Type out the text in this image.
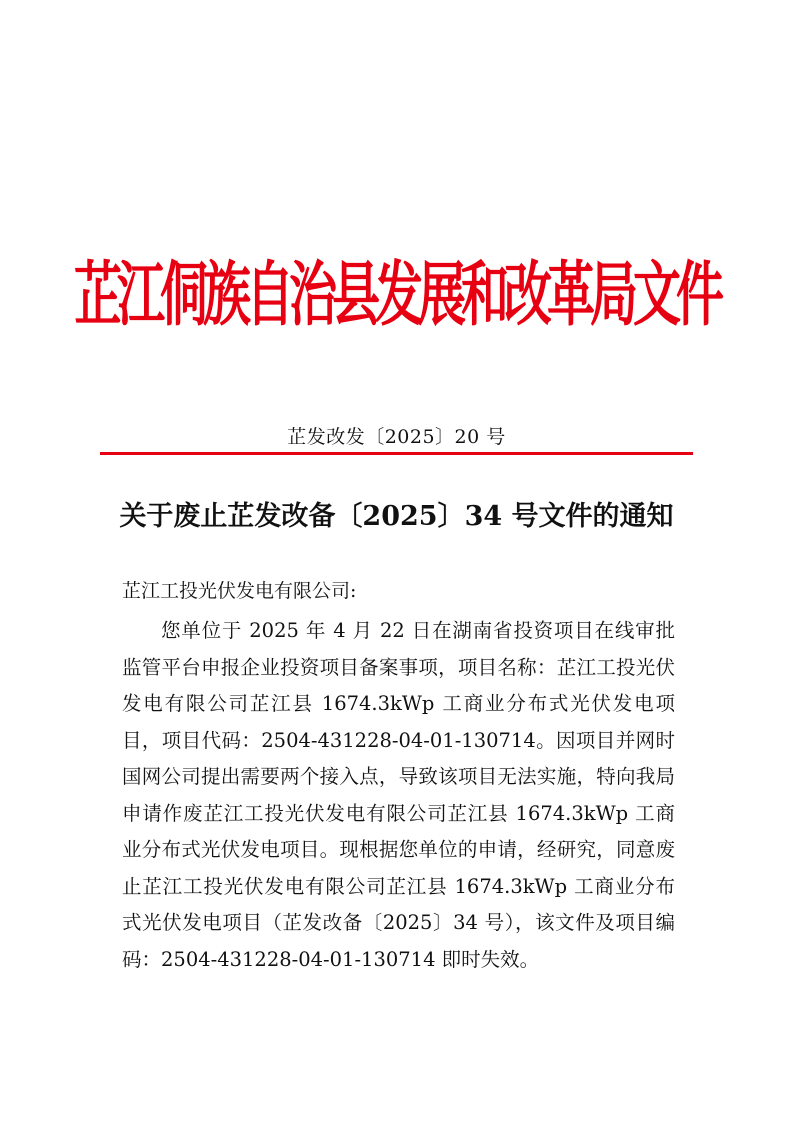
芷江侗族自治县发展和改革局文件
芷发改发〔2025〕20 号
关于废止芷发改备〔2025〕34 号文件的通知
芷江工投光伏发电有限公司:

您单位于 2025 年 4 月 22 日在湖南省投资项目在线审批监管平台申报企业投资项目备案事项，项目名称：芷江工投光伏发电有限公司芷江县 1674.3kWp 工商业分布式光伏发电项目，项目代码：2504-431228-04-01-130714。因项目并网时国网公司提出需要两个接入点，导致该项目无法实施，特向我局申请作废芷江工投光伏发电有限公司芷江县 1674.3kWp 工商业分布式光伏发电项目。现根据您单位的申请，经研究，同意废止芷江工投光伏发电有限公司芷江县 1674.3kWp 工商业分布式光伏发电项目（芷发改备〔2025〕34 号），该文件及项目编码：2504-431228-04-01-130714 即时失效。
